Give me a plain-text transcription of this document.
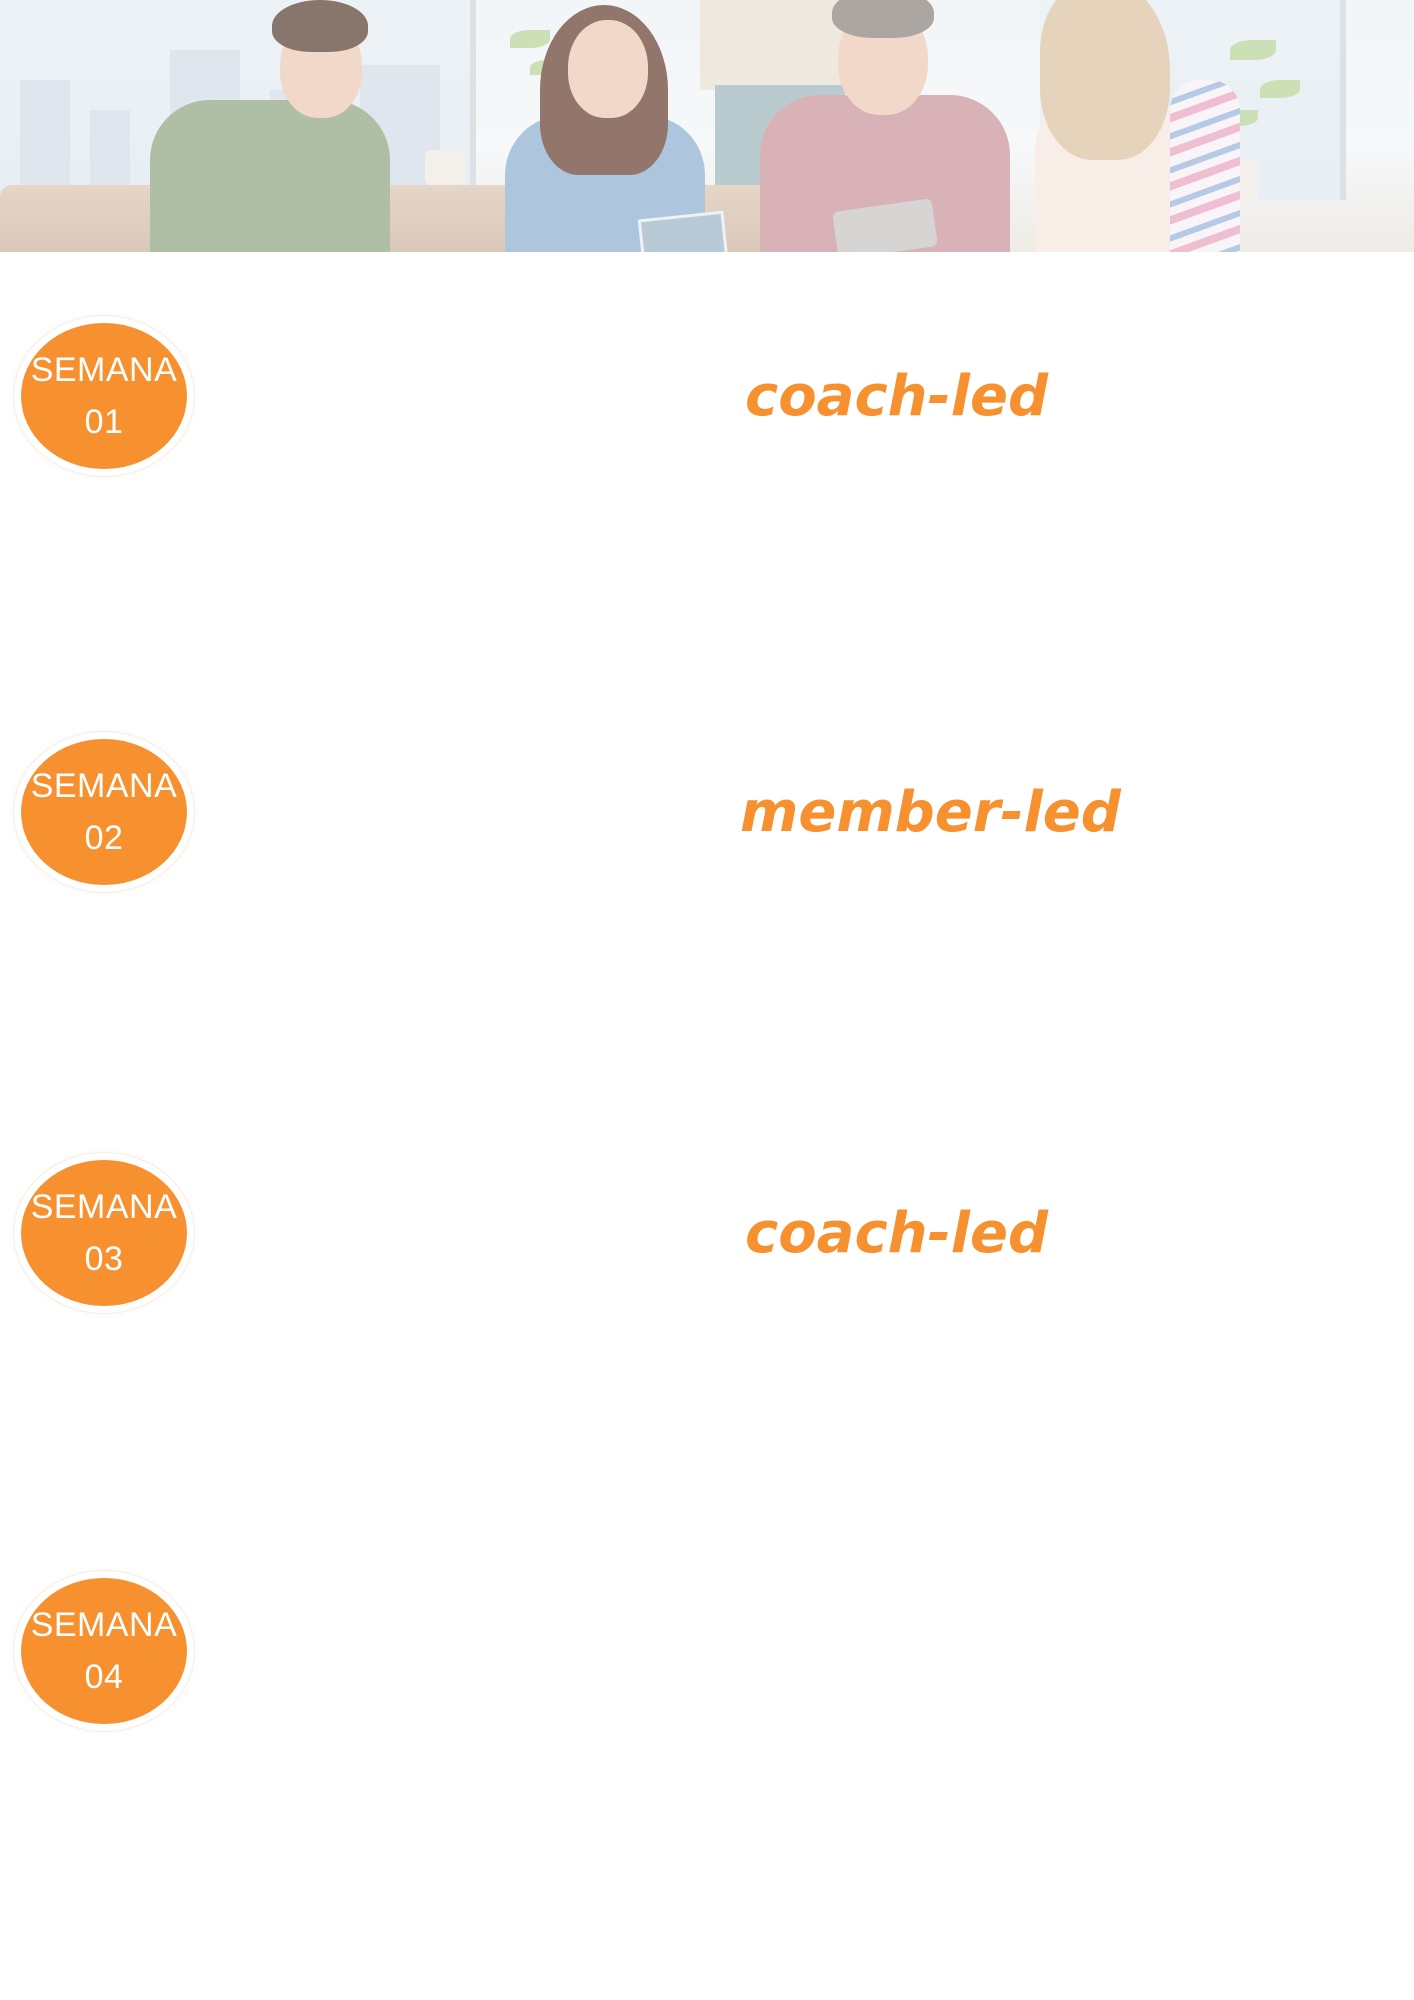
SEMANA
01	coach-led
SEMANA
02	member-led
SEMANA
03	coach-led
SEMANA
04
